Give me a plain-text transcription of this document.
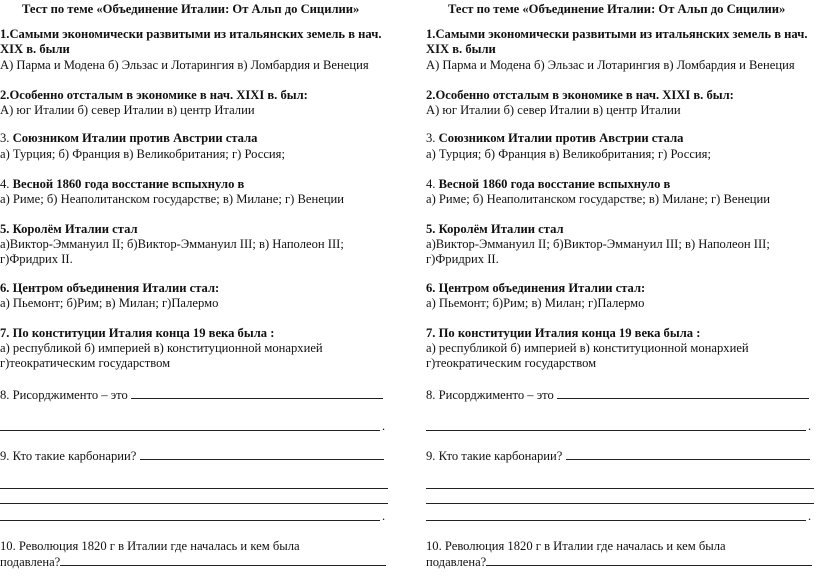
Тест по теме «Объединение Италии: От Альп до Сицилии»
1.Самыми экономически развитыми из итальянских земель в нач.
XIX в. были
А) Парма и Модена б) Эльзас и Лотарингия в) Ломбардия и Венеция
2.Особенно отсталым в экономике в нач. XIXI в. был:
А) юг Италии б) север Италии в) центр Италии
3. Союзником Италии против Австрии стала
а) Турция; б) Франция в) Великобритания; г) Россия;
4. Весной 1860 года восстание вспыхнуло в
а) Риме; б) Неаполитанском государстве; в) Милане; г) Венеции
5. Королём Италии стал
а)Виктор-Эммануил II; б)Виктор-Эммануил III; в) Наполеон III;
г)Фридрих II.
6. Центром объединения Италии стал:
а) Пьемонт; б)Рим; в) Милан; г)Палермо
7. По конституции Италия конца 19 века была :
а) республикой б) империей в) конституционной монархией
г)теократическим государством
8. Рисорджименто – это
.
9. Кто такие карбонарии?
.
10. Революция 1820 г в Италии где началась и кем была
подавлена?
Тест по теме «Объединение Италии: От Альп до Сицилии»
1.Самыми экономически развитыми из итальянских земель в нач.
XIX в. были
А) Парма и Модена б) Эльзас и Лотарингия в) Ломбардия и Венеция
2.Особенно отсталым в экономике в нач. XIXI в. был:
А) юг Италии б) север Италии в) центр Италии
3. Союзником Италии против Австрии стала
а) Турция; б) Франция в) Великобритания; г) Россия;
4. Весной 1860 года восстание вспыхнуло в
а) Риме; б) Неаполитанском государстве; в) Милане; г) Венеции
5. Королём Италии стал
а)Виктор-Эммануил II; б)Виктор-Эммануил III; в) Наполеон III;
г)Фридрих II.
6. Центром объединения Италии стал:
а) Пьемонт; б)Рим; в) Милан; г)Палермо
7. По конституции Италия конца 19 века была :
а) республикой б) империей в) конституционной монархией
г)теократическим государством
8. Рисорджименто – это
.
9. Кто такие карбонарии?
.
10. Революция 1820 г в Италии где началась и кем была
подавлена?
